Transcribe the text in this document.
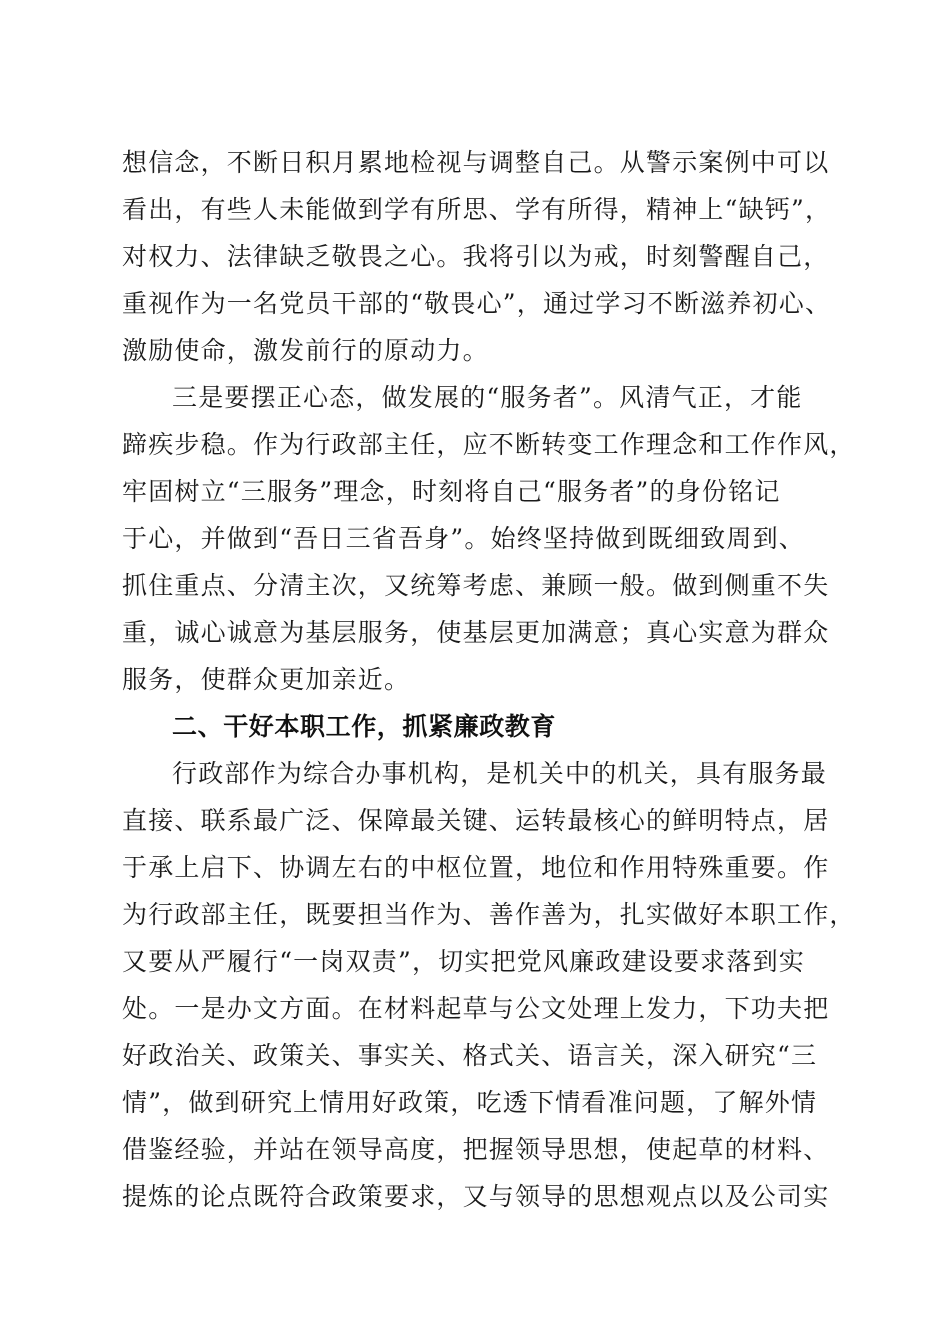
想信念，不断日积月累地检视与调整自己。从警示案例中可以
看出，有些人未能做到学有所思、学有所得，精神上“缺钙”，
对权力、法律缺乏敬畏之心。我将引以为戒，时刻警醒自己，
重视作为一名党员干部的“敬畏心”，通过学习不断滋养初心、
激励使命，激发前行的原动力。
三是要摆正心态，做发展的“服务者”。风清气正，才能
蹄疾步稳。作为行政部主任，应不断转变工作理念和工作作风，
牢固树立“三服务”理念，时刻将自己“服务者”的身份铭记
于心，并做到“吾日三省吾身”。始终坚持做到既细致周到、
抓住重点、分清主次，又统筹考虑、兼顾一般。做到侧重不失
重，诚心诚意为基层服务，使基层更加满意；真心实意为群众
服务，使群众更加亲近。
二、干好本职工作，抓紧廉政教育
行政部作为综合办事机构，是机关中的机关，具有服务最
直接、联系最广泛、保障最关键、运转最核心的鲜明特点，居
于承上启下、协调左右的中枢位置，地位和作用特殊重要。作
为行政部主任，既要担当作为、善作善为，扎实做好本职工作，
又要从严履行“一岗双责”，切实把党风廉政建设要求落到实
处。一是办文方面。在材料起草与公文处理上发力，下功夫把
好政治关、政策关、事实关、格式关、语言关，深入研究“三
情”，做到研究上情用好政策，吃透下情看准问题，了解外情
借鉴经验，并站在领导高度，把握领导思想，使起草的材料、
提炼的论点既符合政策要求，又与领导的思想观点以及公司实
